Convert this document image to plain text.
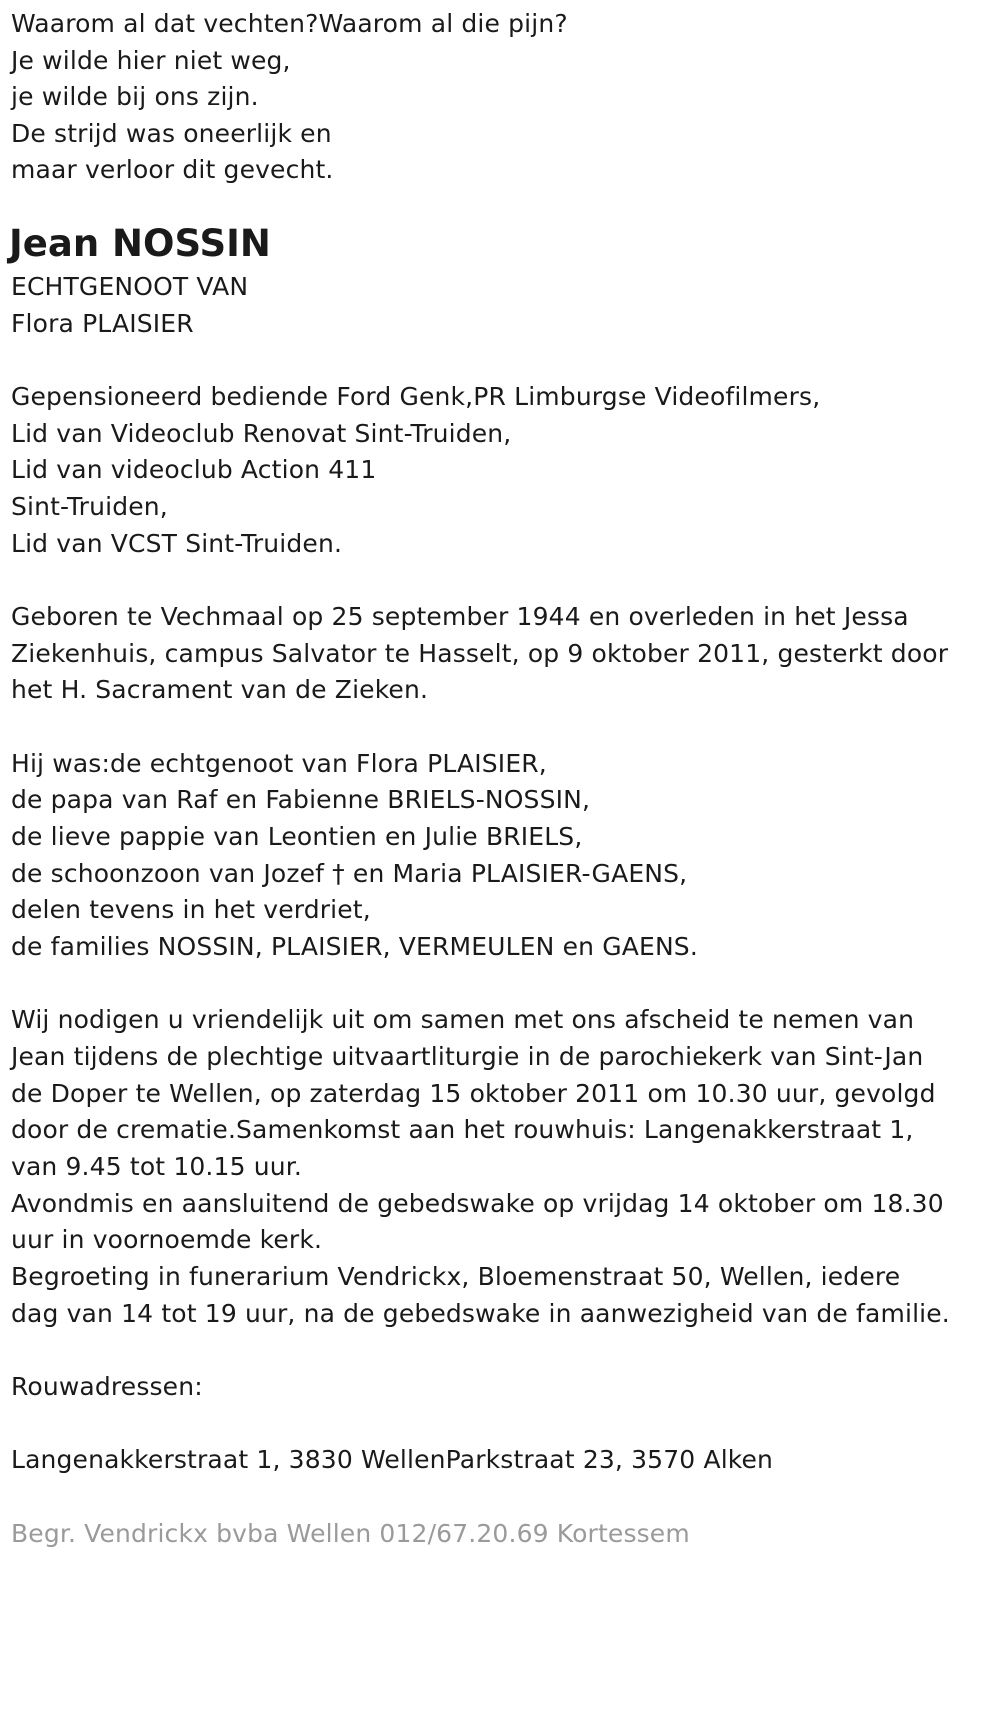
Waarom al dat vechten?Waarom al die pijn?

Je wilde hier niet weg,

je wilde bij ons zijn.

De strijd was oneerlijk en

maar verloor dit gevecht.

Jean NOSSIN

ECHTGENOOT VAN

Flora PLAISIER

Gepensioneerd bediende Ford Genk,PR Limburgse Videofilmers,

Lid van Videoclub Renovat Sint-Truiden,

Lid van videoclub Action 411

Sint-Truiden,

Lid van VCST Sint-Truiden.

Geboren te Vechmaal op 25 september 1944 en overleden in het Jessa

Ziekenhuis, campus Salvator te Hasselt, op 9 oktober 2011, gesterkt door

het H. Sacrament van de Zieken.

Hij was:de echtgenoot van Flora PLAISIER,

de papa van Raf en Fabienne BRIELS-NOSSIN,

de lieve pappie van Leontien en Julie BRIELS,

de schoonzoon van Jozef † en Maria PLAISIER-GAENS,

delen tevens in het verdriet,

de families NOSSIN, PLAISIER, VERMEULEN en GAENS.

Wij nodigen u vriendelijk uit om samen met ons afscheid te nemen van

Jean tijdens de plechtige uitvaartliturgie in de parochiekerk van Sint-Jan

de Doper te Wellen, op zaterdag 15 oktober 2011 om 10.30 uur, gevolgd

door de crematie.Samenkomst aan het rouwhuis: Langenakkerstraat 1,

van 9.45 tot 10.15 uur.

Avondmis en aansluitend de gebedswake op vrijdag 14 oktober om 18.30

uur in voornoemde kerk.

Begroeting in funerarium Vendrickx, Bloemenstraat 50, Wellen, iedere

dag van 14 tot 19 uur, na de gebedswake in aanwezigheid van de familie.

Rouwadressen:

Langenakkerstraat 1, 3830 WellenParkstraat 23, 3570 Alken

Begr. Vendrickx bvba Wellen 012/67.20.69 Kortessem
